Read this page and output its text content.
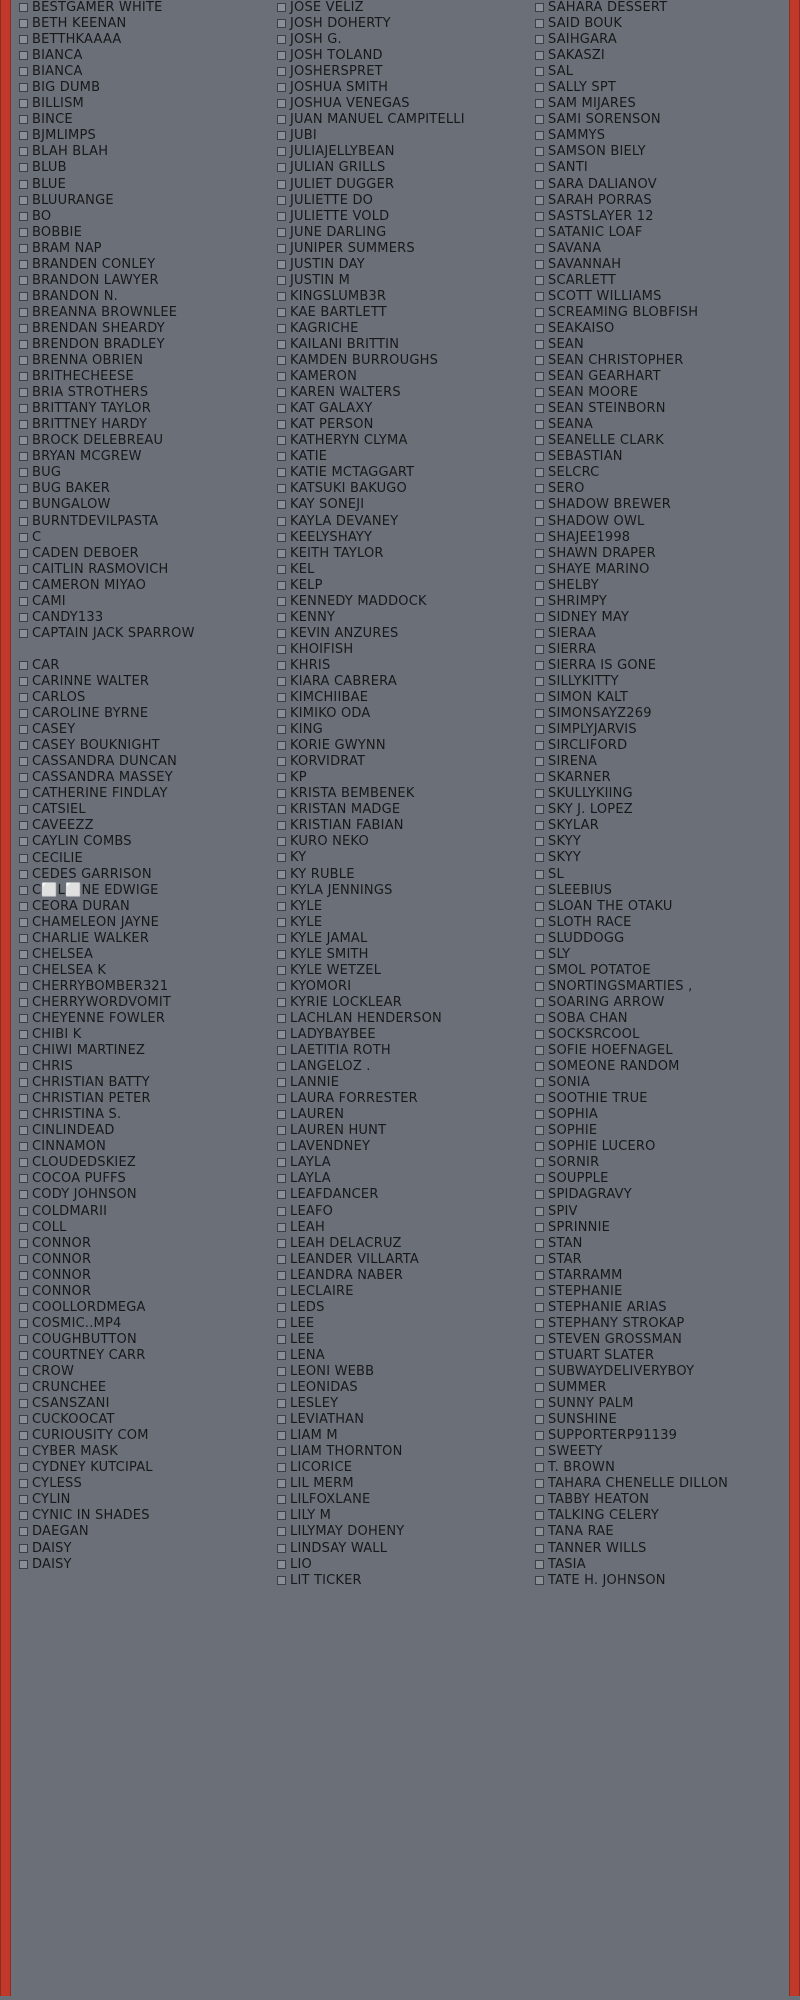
BESTGAMER WHITE
BETH KEENAN
BETTHKAAAA
BIANCA
BIANCA
BIG DUMB
BILLISM
BINCE
BJMLIMPS
BLAH BLAH
BLUB
BLUE
BLUURANGE
BO
BOBBIE
BRAM NAP
BRANDEN CONLEY
BRANDON LAWYER
BRANDON N.
BREANNA BROWNLEE
BRENDAN SHEARDY
BRENDON BRADLEY
BRENNA OBRIEN
BRITHECHEESE
BRIA STROTHERS
BRITTANY TAYLOR
BRITTNEY HARDY
BROCK DELEBREAU
BRYAN MCGREW
BUG
BUG BAKER
BUNGALOW
BURNTDEVILPASTA
C
CADEN DEBOER
CAITLIN RASMOVICH
CAMERON MIYAO
CAMI
CANDY133
CAPTAIN JACK SPARROW
CAR
CARINNE WALTER
CARLOS
CAROLINE BYRNE
CASEY
CASEY BOUKNIGHT
CASSANDRA DUNCAN
CASSANDRA MASSEY
CATHERINE FINDLAY
CATSIEL
CAVEEZZ
CAYLIN COMBS
CECILIE
CEDES GARRISON
C⬜L⬜NE EDWIGE
CEORA DURAN
CHAMELEON JAYNE
CHARLIE WALKER
CHELSEA
CHELSEA K
CHERRYBOMBER321
CHERRYWORDVOMIT
CHEYENNE FOWLER
CHIBI K
CHIWI MARTINEZ
CHRIS
CHRISTIAN BATTY
CHRISTIAN PETER
CHRISTINA S.
CINLINDEAD
CINNAMON
CLOUDEDSKIEZ
COCOA PUFFS
CODY JOHNSON
COLDMARII
COLL
CONNOR
CONNOR
CONNOR
CONNOR
COOLLORDMEGA
COSMIC..MP4
COUGHBUTTON
COURTNEY CARR
CROW
CRUNCHEE
CSANSZANI
CUCKOOCAT
CURIOUSITY COM
CYBER MASK
CYDNEY KUTCIPAL
CYLESS
CYLIN
CYNIC IN SHADES
DAEGAN
DAISY
DAISY
JOSE VELIZ
JOSH DOHERTY
JOSH G.
JOSH TOLAND
JOSHERSPRET
JOSHUA SMITH
JOSHUA VENEGAS
JUAN MANUEL CAMPITELLI
JUBI
JULIAJELLYBEAN
JULIAN GRILLS
JULIET DUGGER
JULIETTE DO
JULIETTE VOLD
JUNE DARLING
JUNIPER SUMMERS
JUSTIN DAY
JUSTIN M
KINGSLUMB3R
KAE BARTLETT
KAGRICHE
KAILANI BRITTIN
KAMDEN BURROUGHS
KAMERON
KAREN WALTERS
KAT GALAXY
KAT PERSON
KATHERYN CLYMA
KATIE
KATIE MCTAGGART
KATSUKI BAKUGO
KAY SONEJI
KAYLA DEVANEY
KEELYSHAYY
KEITH TAYLOR
KEL
KELP
KENNEDY MADDOCK
KENNY
KEVIN ANZURES
KHOIFISH
KHRIS
KIARA CABRERA
KIMCHIIBAE
KIMIKO ODA
KING
KORIE GWYNN
KORVIDRAT
KP
KRISTA BEMBENEK
KRISTAN MADGE
KRISTIAN FABIAN
KURO NEKO
KY
KY RUBLE
KYLA JENNINGS
KYLE
KYLE
KYLE JAMAL
KYLE SMITH
KYLE WETZEL
KYOMORI
KYRIE LOCKLEAR
LACHLAN HENDERSON
LADYBAYBEE
LAETITIA ROTH
LANGELOZ .
LANNIE
LAURA FORRESTER
LAUREN
LAUREN HUNT
LAVENDNEY
LAYLA
LAYLA
LEAFDANCER
LEAFO
LEAH
LEAH DELACRUZ
LEANDER VILLARTA
LEANDRA NABER
LECLAIRE
LEDS
LEE
LEE
LENA
LEONI WEBB
LEONIDAS
LESLEY
LEVIATHAN
LIAM M
LIAM THORNTON
LICORICE
LIL MERM
LILFOXLANE
LILY M
LILYMAY DOHENY
LINDSAY WALL
LIO
LIT TICKER
SAHARA DESSERT
SAID BOUK
SAIHGARA
SAKASZI
SAL
SALLY SPT
SAM MIJARES
SAMI SORENSON
SAMMYS
SAMSON BIELY
SANTI
SARA DALIANOV
SARAH PORRAS
SASTSLAYER 12
SATANIC LOAF
SAVANA
SAVANNAH
SCARLETT
SCOTT WILLIAMS
SCREAMING BLOBFISH
SEAKAISO
SEAN
SEAN CHRISTOPHER
SEAN GEARHART
SEAN MOORE
SEAN STEINBORN
SEANA
SEANELLE CLARK
SEBASTIAN
SELCRC
SERO
SHADOW BREWER
SHADOW OWL
SHAJEE1998
SHAWN DRAPER
SHAYE MARINO
SHELBY
SHRIMPY
SIDNEY MAY
SIERAA
SIERRA
SIERRA IS GONE
SILLYKITTY
SIMON KALT
SIMONSAYZ269
SIMPLYJARVIS
SIRCLIFORD
SIRENA
SKARNER
SKULLYKIING
SKY J. LOPEZ
SKYLAR
SKYY
SKYY
SL
SLEEBIUS
SLOAN THE OTAKU
SLOTH RACE
SLUDDOGG
SLY
SMOL POTATOE
SNORTINGSMARTIES ,
SOARING ARROW
SOBA CHAN
SOCKSRCOOL
SOFIE HOEFNAGEL
SOMEONE RANDOM
SONIA
SOOTHIE TRUE
SOPHIA
SOPHIE
SOPHIE LUCERO
SORNIR
SOUPPLE
SPIDAGRAVY
SPIV
SPRINNIE
STAN
STAR
STARRAMM
STEPHANIE
STEPHANIE ARIAS
STEPHANY STROKAP
STEVEN GROSSMAN
STUART SLATER
SUBWAYDELIVERYBOY
SUMMER
SUNNY PALM
SUNSHINE
SUPPORTERP91139
SWEETY
T. BROWN
TAHARA CHENELLE DILLON
TABBY HEATON
TALKING CELERY
TANA RAE
TANNER WILLS
TASIA
TATE H. JOHNSON
